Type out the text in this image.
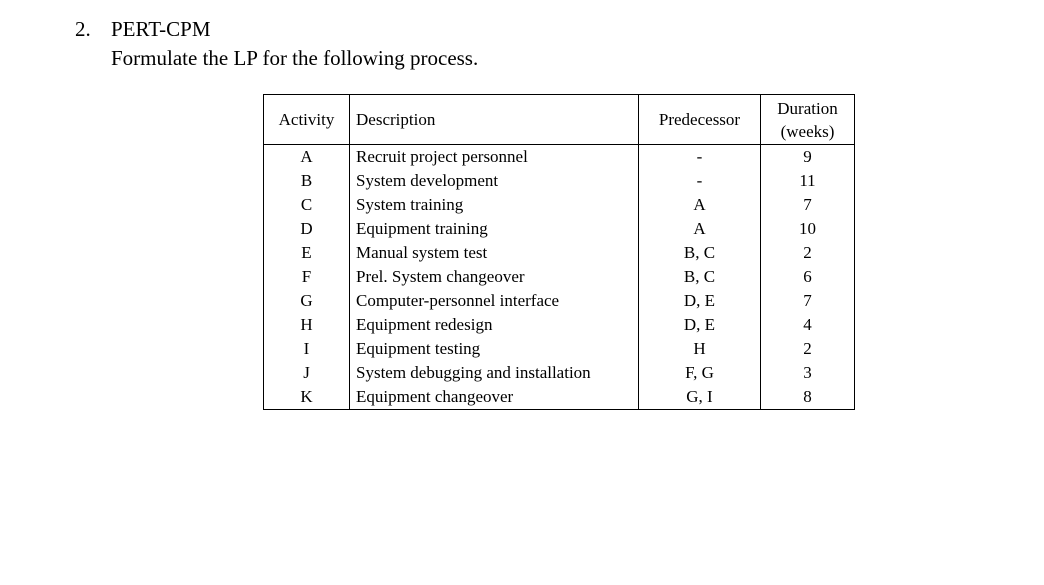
2. PERT-CPM
Formulate the LP for the following process.
Activity	Description	Predecessor	Duration
(weeks)

A	Recruit project personnel	-	9
B	System development	-	11
C	System training	A	7
D	Equipment training	A	10
E	Manual system test	B, C	2
F	Prel. System changeover	B, C	6
G	Computer-personnel interface	D, E	7
H	Equipment redesign	D, E	4
I	Equipment testing	H	2
J	System debugging and installation	F, G	3
K	Equipment changeover	G, I	8
